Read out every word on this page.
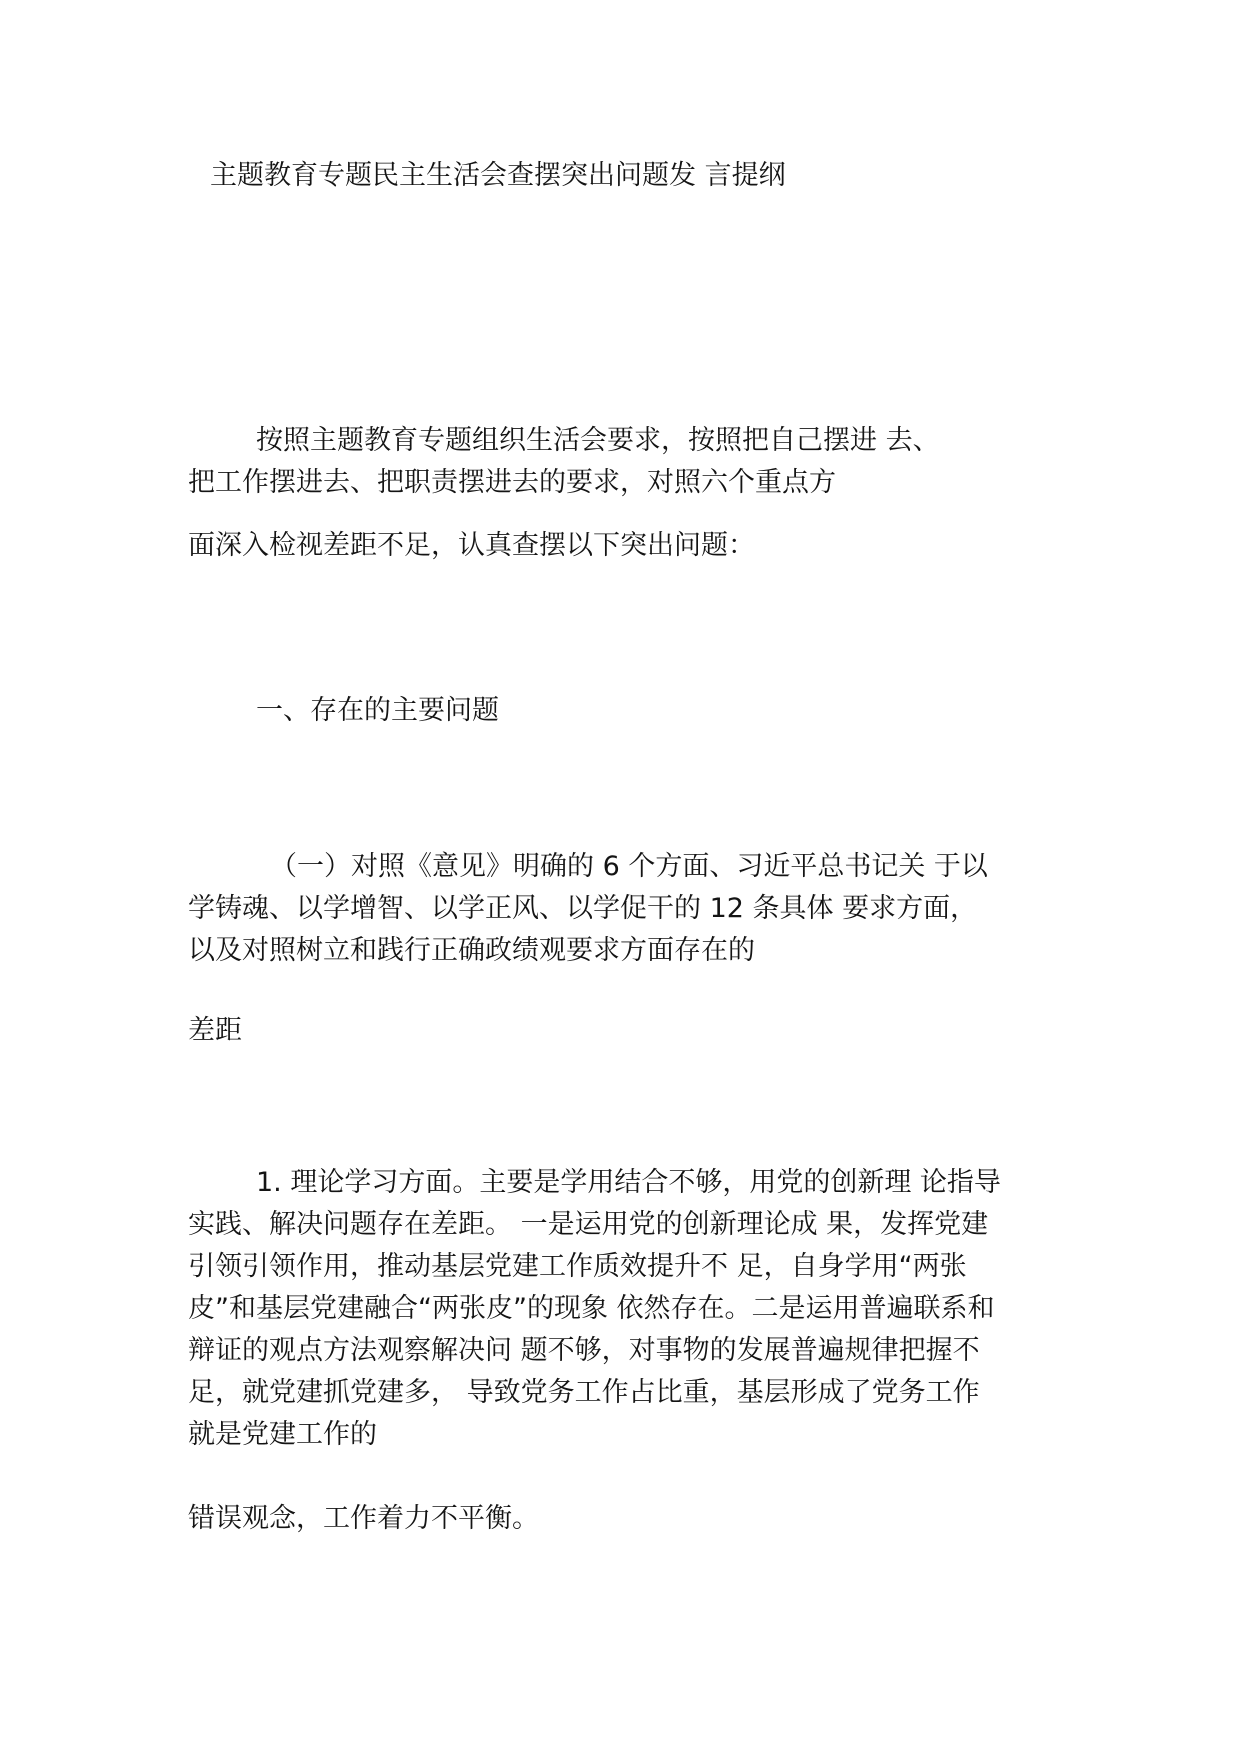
主题教育专题民主生活会查摆突出问题发 言提纲
按照主题教育专题组织生活会要求，按照把自己摆进 去、
把工作摆进去、把职责摆进去的要求，对照六个重点方
面深入检视差距不足，认真查摆以下突出问题：
一、存在的主要问题
（一）对照《意见》明确的 6 个方面、习近平总书记关 于以
学铸魂、以学增智、以学正风、以学促干的 12 条具体 要求方面，
以及对照树立和践行正确政绩观要求方面存在的
差距
1. 理论学习方面。主要是学用结合不够，用党的创新理 论指导
实践、解决问题存在差距。 一是运用党的创新理论成 果，发挥党建
引领引领作用，推动基层党建工作质效提升不 足，自身学用“两张
皮”和基层党建融合“两张皮”的现象 依然存在。二是运用普遍联系和
辩证的观点方法观察解决问 题不够，对事物的发展普遍规律把握不
足，就党建抓党建多， 导致党务工作占比重，基层形成了党务工作
就是党建工作的
错误观念，工作着力不平衡。
